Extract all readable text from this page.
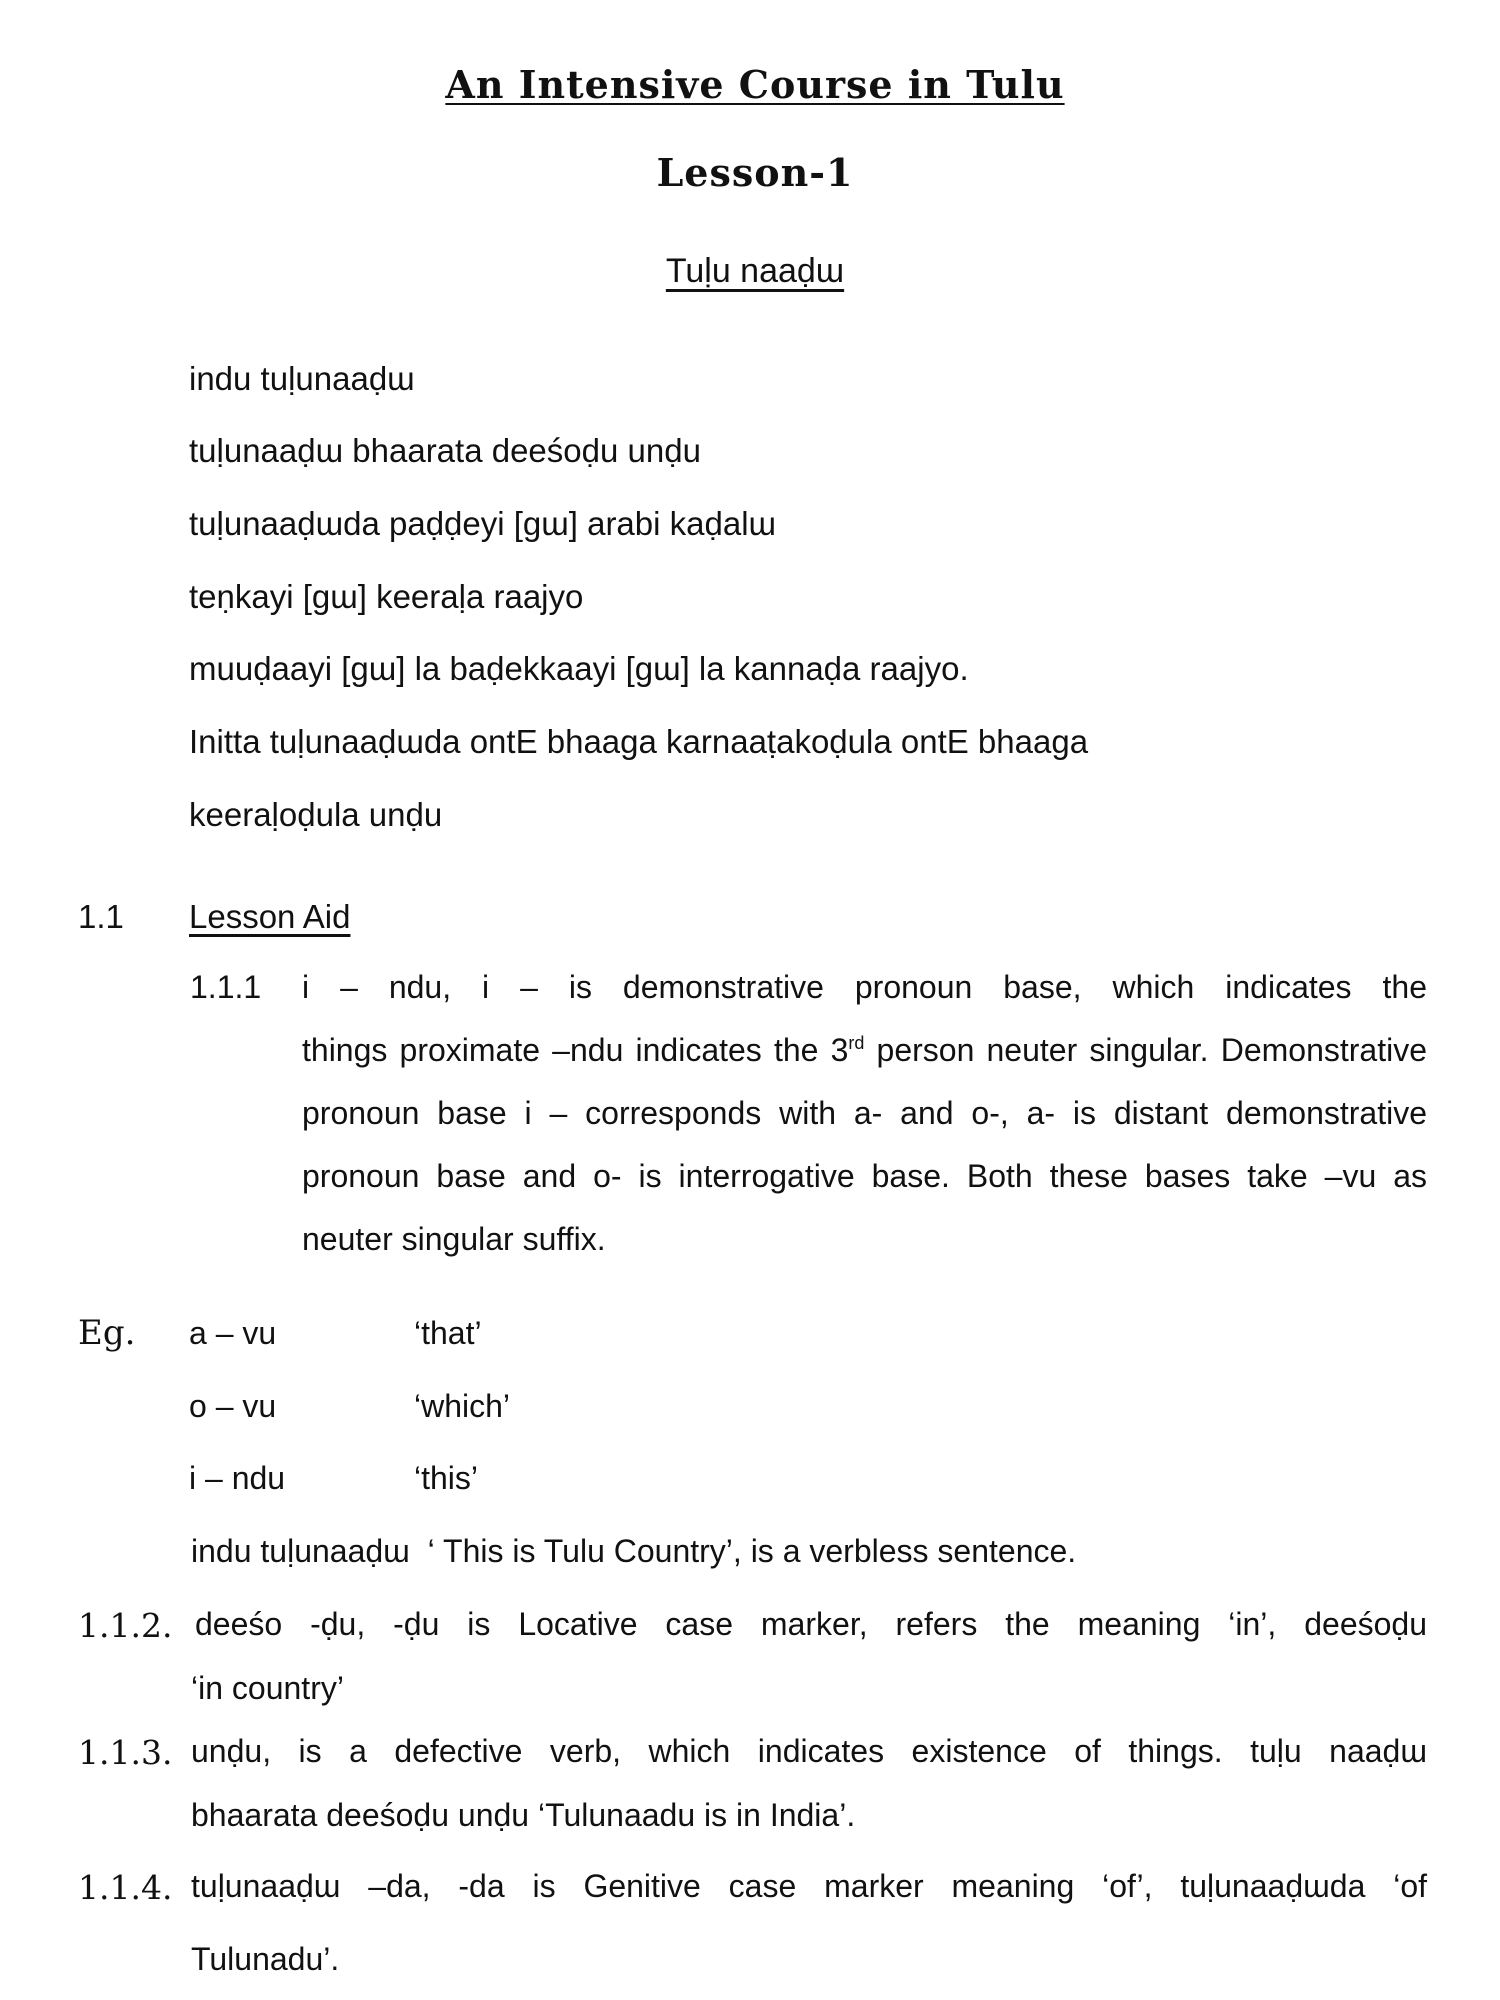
An Intensive Course in Tulu
Lesson-1
Tuḷu naaḍɯ
indu tuḷunaaḍɯ
tuḷunaaḍɯ bhaarata deeśoḍu unḍu
tuḷunaaḍɯda paḍḍeyi [gɯ] arabi kaḍalɯ
teṇkayi [gɯ] keeraḷa raajyo
muuḍaayi [gɯ] la baḍekkaayi [gɯ] la kannaḍa raajyo.
Initta tuḷunaaḍɯda ontE bhaaga karnaaṭakoḍula ontE bhaaga
keeraḷoḍula unḍu
1.1 Lesson Aid
1.1.1 i – ndu, i – is demonstrative pronoun base, which indicates the
things proximate –ndu indicates the 3rd person neuter singular. Demonstrative pronoun base i – corresponds with a- and o-, a- is distant demonstrative pronoun base and o- is interrogative base. Both these bases take –vu as neuter singular suffix.
Eg. a – vu	‘that’
o – vu	‘which’
i – ndu	‘this’
indu tuḷunaaḍɯ ‘ This is Tulu Country’, is a verbless sentence.
1.1.2. deeśo -ḍu, -ḍu is Locative case marker, refers the meaning ‘in’, deeśoḍu
‘in country’
1.1.3. unḍu, is a defective verb, which indicates existence of things. tuḷu naaḍɯ
bhaarata deeśoḍu unḍu ‘Tulunaadu is in India’.
1.1.4. tuḷunaaḍɯ –da, -da is Genitive case marker meaning ‘of’, tuḷunaaḍɯda ‘of
Tulunadu’.
